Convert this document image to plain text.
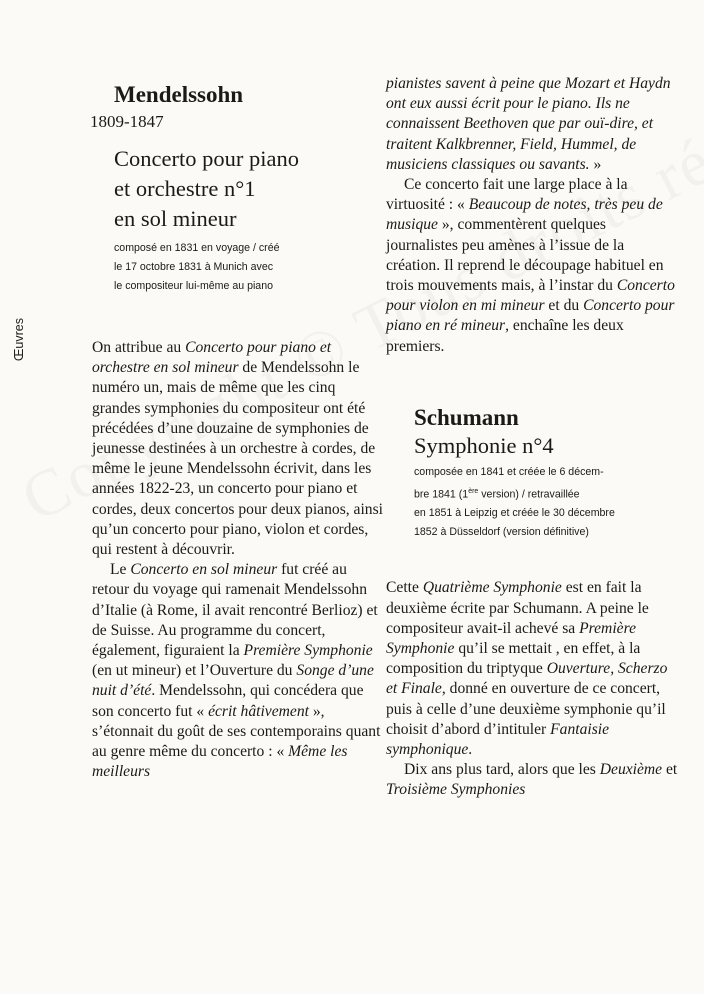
Œuvres
Mendelssohn

1809-1847

Concerto pour piano
et orchestre n°1
en sol mineur
composé en 1831 en voyage / créé
le 17 octobre 1831 à Munich avec
le compositeur lui-même au piano

On attribue au Concerto pour piano et orchestre en sol mineur de Mendelssohn le numéro un, mais de même que les cinq grandes symphonies du compositeur ont été précédées d’une douzaine de symphonies de jeunesse destinées à un orchestre à cordes, de même le jeune Mendelssohn écrivit, dans les années 1822-23, un concerto pour piano et cordes, deux concertos pour deux pianos, ainsi qu’un concerto pour piano, violon et cordes, qui restent à découvrir.

Le Concerto en sol mineur fut créé au retour du voyage qui ramenait Mendelssohn d’Italie (à Rome, il avait rencontré Berlioz) et de Suisse. Au programme du concert, également, figuraient la Première Symphonie (en ut mineur) et l’Ouverture du Songe d’une nuit d’été. Mendelssohn, qui concédera que son concerto fut « écrit hâtivement », s’étonnait du goût de ses contemporains quant au genre même du concerto : « Même les meilleurs

pianistes savent à peine que Mozart et Haydn ont eux aussi écrit pour le piano. Ils ne connaissent Beethoven que par ouï-dire, et traitent Kalkbrenner, Field, Hummel, de musiciens classiques ou savants. »

Ce concerto fait une large place à la virtuosité : « Beaucoup de notes, très peu de musique », commentèrent quelques journalistes peu amènes à l’issue de la création. Il reprend le découpage habituel en trois mouvements mais, à l’instar du Concerto pour violon en mi mineur et du Concerto pour piano en ré mineur, enchaîne les deux premiers.

Schumann
Symphonie n°4
composée en 1841 et créée le 6 décem-
bre 1841 (1ère version) / retravaillée
en 1851 à Leipzig et créée le 30 décembre
1852 à Düsseldorf (version définitive)

Cette Quatrième Symphonie est en fait la deuxième écrite par Schumann. A peine le compositeur avait-il achevé sa Première Symphonie qu’il se mettait , en effet, à la composition du triptyque Ouverture, Scherzo et Finale, donné en ouverture de ce concert, puis à celle d’une deuxième symphonie qu’il choisit d’abord d’intituler Fantaisie symphonique.

Dix ans plus tard, alors que les Deuxième et Troisième Symphonies
